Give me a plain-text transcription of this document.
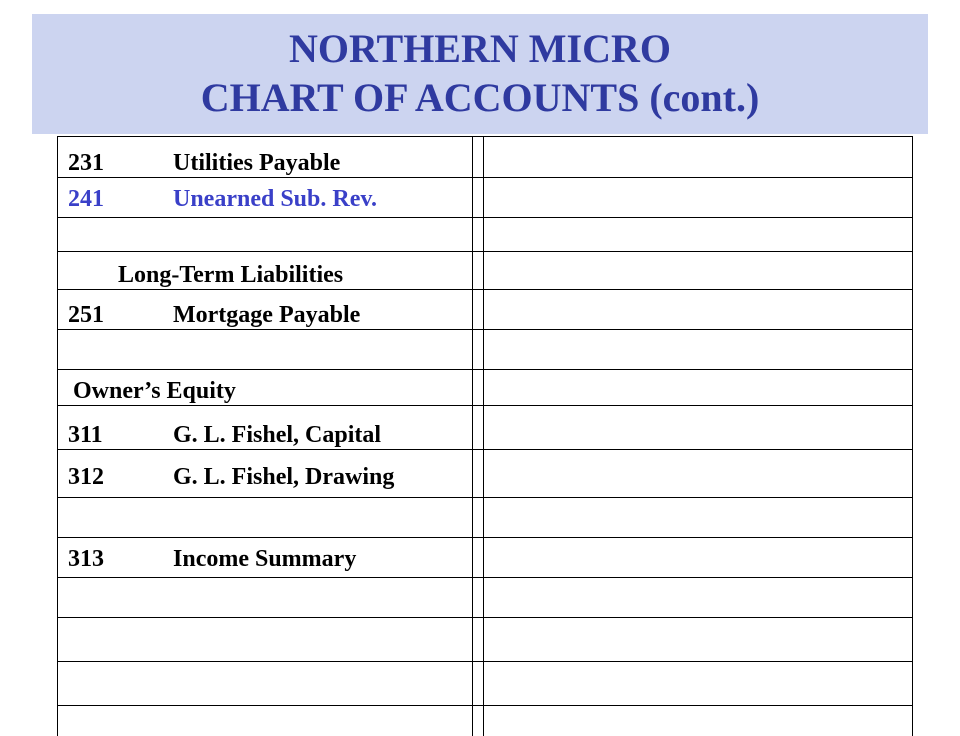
NORTHERN MICRO
CHART OF ACCOUNTS (cont.)
231	Utilities Payable
241	Unearned Sub. Rev.
Long-Term Liabilities
251	Mortgage Payable
Owner’s Equity
311	G. L. Fishel, Capital
312	G. L. Fishel, Drawing
313	Income Summary
